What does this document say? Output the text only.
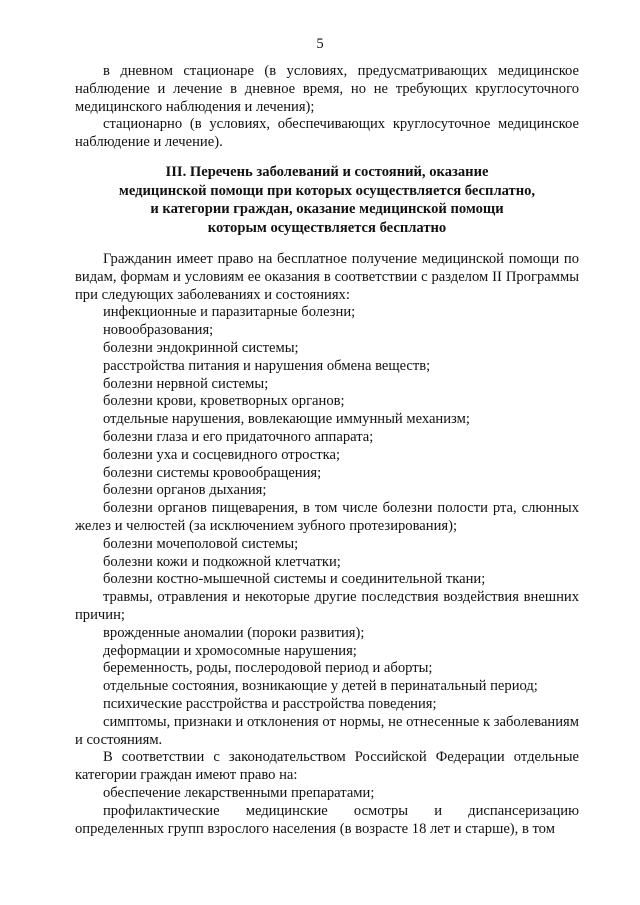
5

в дневном стационаре (в условиях, предусматривающих медицинское наблюдение и лечение в дневное время, но не требующих круглосуточного медицинского наблюдения и лечения);

стационарно (в условиях, обеспечивающих круглосуточное медицинское наблюдение и лечение).

III. Перечень заболеваний и состояний, оказание
медицинской помощи при которых осуществляется бесплатно,
и категории граждан, оказание медицинской помощи
которым осуществляется бесплатно

Гражданин имеет право на бесплатное получение медицинской помощи по видам, формам и условиям ее оказания в соответствии с разделом II Программы при следующих заболеваниях и состояниях:

инфекционные и паразитарные болезни;

новообразования;

болезни эндокринной системы;

расстройства питания и нарушения обмена веществ;

болезни нервной системы;

болезни крови, кроветворных органов;

отдельные нарушения, вовлекающие иммунный механизм;

болезни глаза и его придаточного аппарата;

болезни уха и сосцевидного отростка;

болезни системы кровообращения;

болезни органов дыхания;

болезни органов пищеварения, в том числе болезни полости рта, слюнных желез и челюстей (за исключением зубного протезирования);

болезни мочеполовой системы;

болезни кожи и подкожной клетчатки;

болезни костно-мышечной системы и соединительной ткани;

травмы, отравления и некоторые другие последствия воздействия внешних причин;

врожденные аномалии (пороки развития);

деформации и хромосомные нарушения;

беременность, роды, послеродовой период и аборты;

отдельные состояния, возникающие у детей в перинатальный период;

психические расстройства и расстройства поведения;

симптомы, признаки и отклонения от нормы, не отнесенные к заболеваниям и состояниям.

В соответствии с законодательством Российской Федерации отдельные категории граждан имеют право на:

обеспечение лекарственными препаратами;

профилактические медицинские осмотры и диспансеризацию определенных групп взрослого населения (в возрасте 18 лет и старше), в том
